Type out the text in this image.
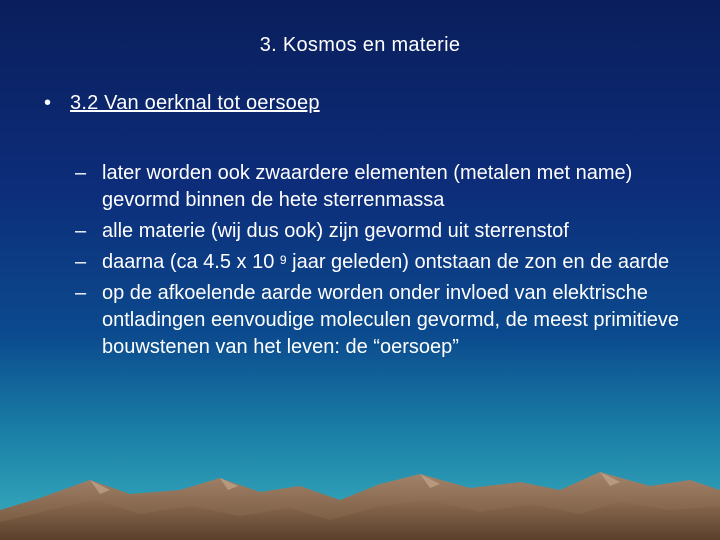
3. Kosmos en materie
• 3.2 Van oerknal tot oersoep
– later worden ook zwaardere elementen (metalen met name) gevormd binnen de hete sterrenmassa
– alle materie (wij dus ook) zijn gevormd uit sterrenstof
– daarna (ca 4.5 x 10 $^9$ jaar geleden) ontstaan de zon en de aarde
– op de afkoelende aarde worden onder invloed van elektrische ontladingen eenvoudige moleculen gevormd, de meest primitieve bouwstenen van het leven: de “oersoep”
